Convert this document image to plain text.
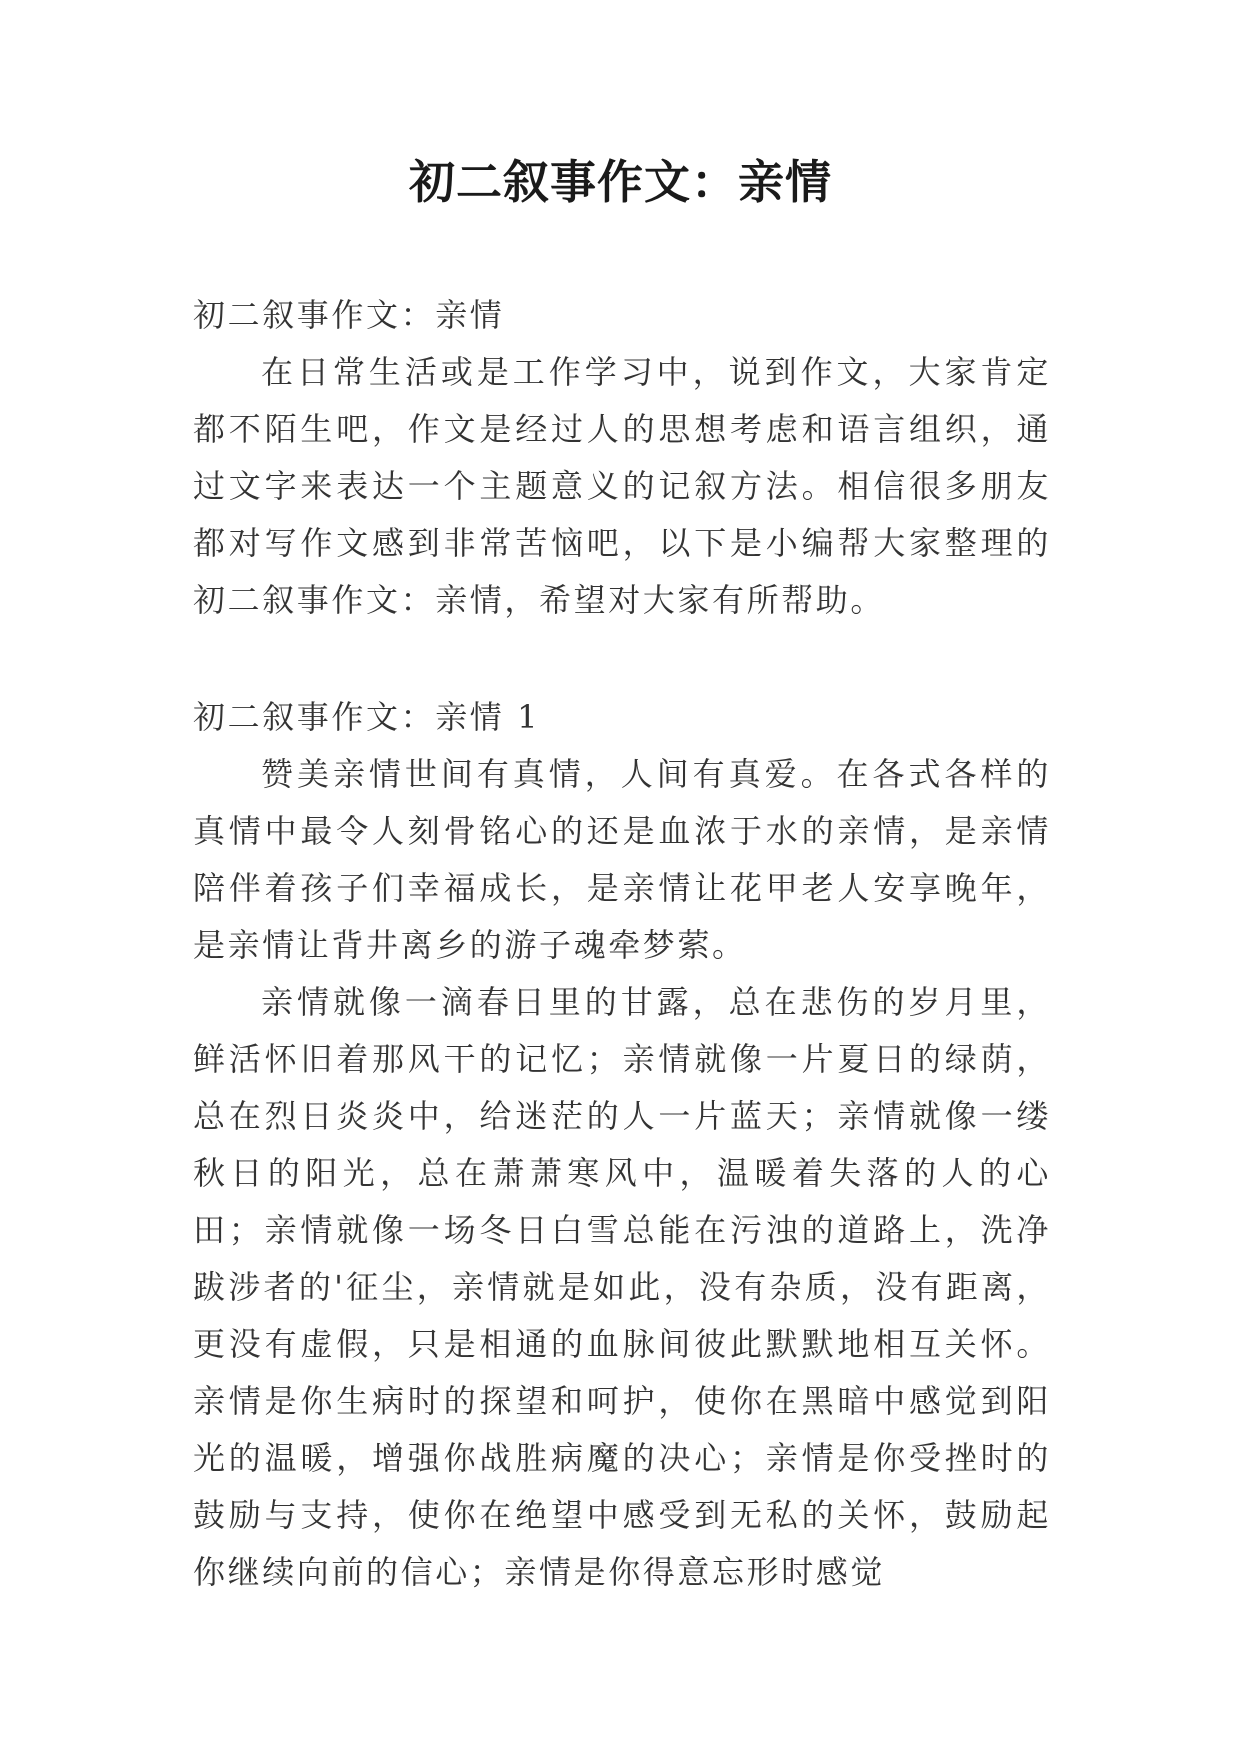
初二叙事作文：亲情

初二叙事作文：亲情

在日常生活或是工作学习中，说到作文，大家肯定都不陌生吧，作文是经过人的思想考虑和语言组织，通过文字来表达一个主题意义的记叙方法。相信很多朋友都对写作文感到非常苦恼吧，以下是小编帮大家整理的初二叙事作文：亲情，希望对大家有所帮助。

初二叙事作文：亲情 1

赞美亲情世间有真情，人间有真爱。在各式各样的真情中最令人刻骨铭心的还是血浓于水的亲情，是亲情陪伴着孩子们幸福成长，是亲情让花甲老人安享晚年，是亲情让背井离乡的游子魂牵梦萦。

亲情就像一滴春日里的甘露，总在悲伤的岁月里，鲜活怀旧着那风干的记忆；亲情就像一片夏日的绿荫，总在烈日炎炎中，给迷茫的人一片蓝天；亲情就像一缕秋日的阳光，总在萧萧寒风中，温暖着失落的人的心田；亲情就像一场冬日白雪总能在污浊的道路上，洗净跋涉者的'征尘，亲情就是如此，没有杂质，没有距离，更没有虚假，只是相通的血脉间彼此默默地相互关怀。亲情是你生病时的探望和呵护，使你在黑暗中感觉到阳光的温暖，增强你战胜病魔的决心；亲情是你受挫时的鼓励与支持，使你在绝望中感受到无私的关怀，鼓励起你继续向前的信心；亲情是你得意忘形时感觉
